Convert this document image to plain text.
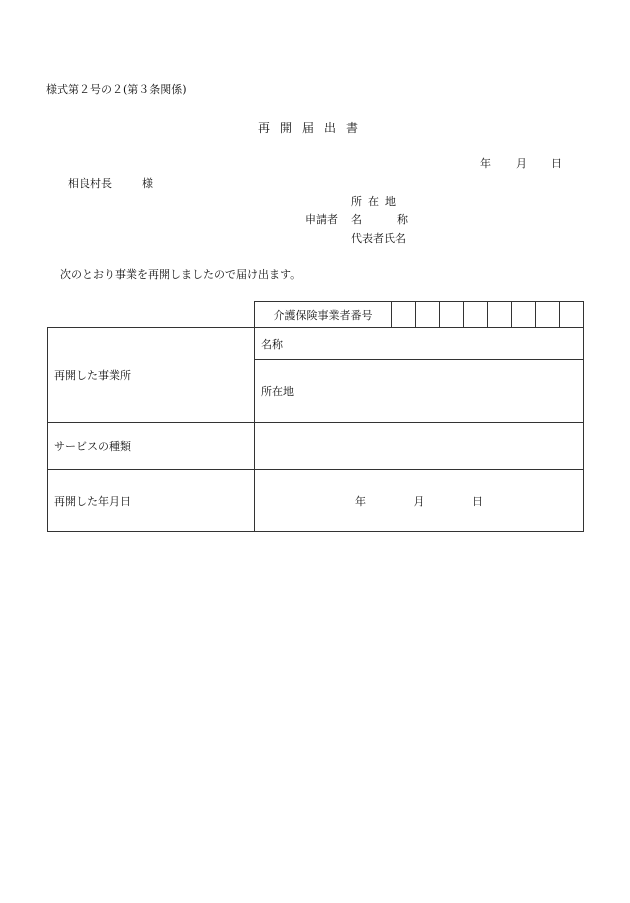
様式第２号の２(第３条関係)
再開届出書
年 月 日
相良村長	様
申請者
所在地
名	称
代表者氏名
次のとおり事業を再開しましたので届け出ます。

介護保険事業者番号

再開した事業所	名称
	所在地
サービスの種類	
再開した年月日	年 月 日
